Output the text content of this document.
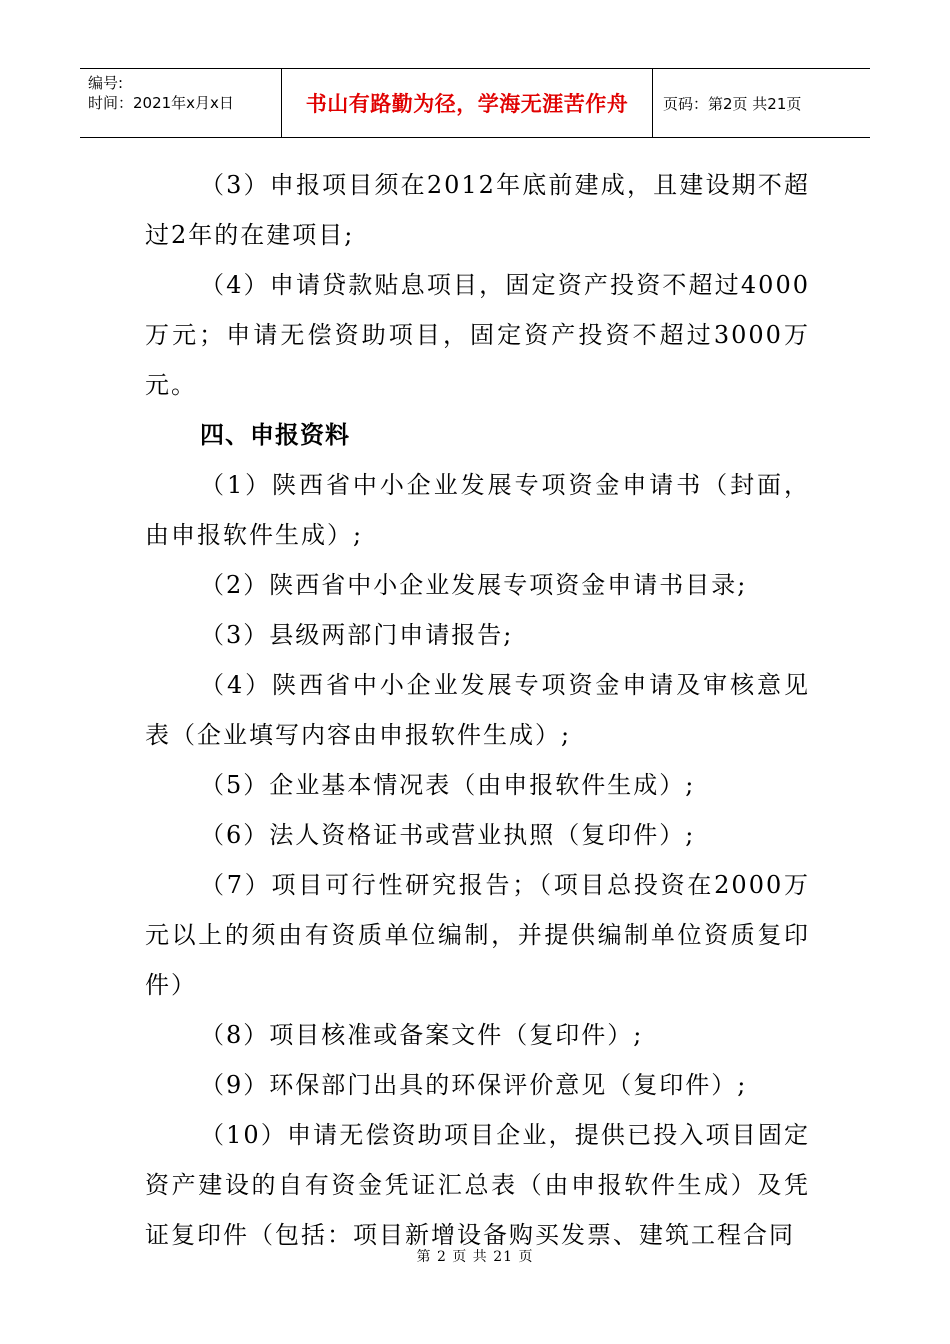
编号:
时间：2021年x月x日	书山有路勤为径，学海无涯苦作舟	页码：第2页 共21页

（3）申报项目须在2012年底前建成，且建设期不超过2年的在建项目;

（4）申请贷款贴息项目，固定资产投资不超过4000万元；申请无偿资助项目，固定资产投资不超过3000万元。

四、申报资料

（1）陕西省中小企业发展专项资金申请书（封面，由申报软件生成）;

（2）陕西省中小企业发展专项资金申请书目录;

（3）县级两部门申请报告;

（4）陕西省中小企业发展专项资金申请及审核意见表（企业填写内容由申报软件生成）;

（5）企业基本情况表（由申报软件生成）;

（6）法人资格证书或营业执照（复印件）;

（7）项目可行性研究报告；（项目总投资在2000万元以上的须由有资质单位编制，并提供编制单位资质复印件）

（8）项目核准或备案文件（复印件）;

（9）环保部门出具的环保评价意见（复印件）;

（10）申请无偿资助项目企业，提供已投入项目固定资产建设的自有资金凭证汇总表（由申报软件生成）及凭证复印件（包括：项目新增设备购买发票、建筑工程合同

第 2 页 共 21 页
